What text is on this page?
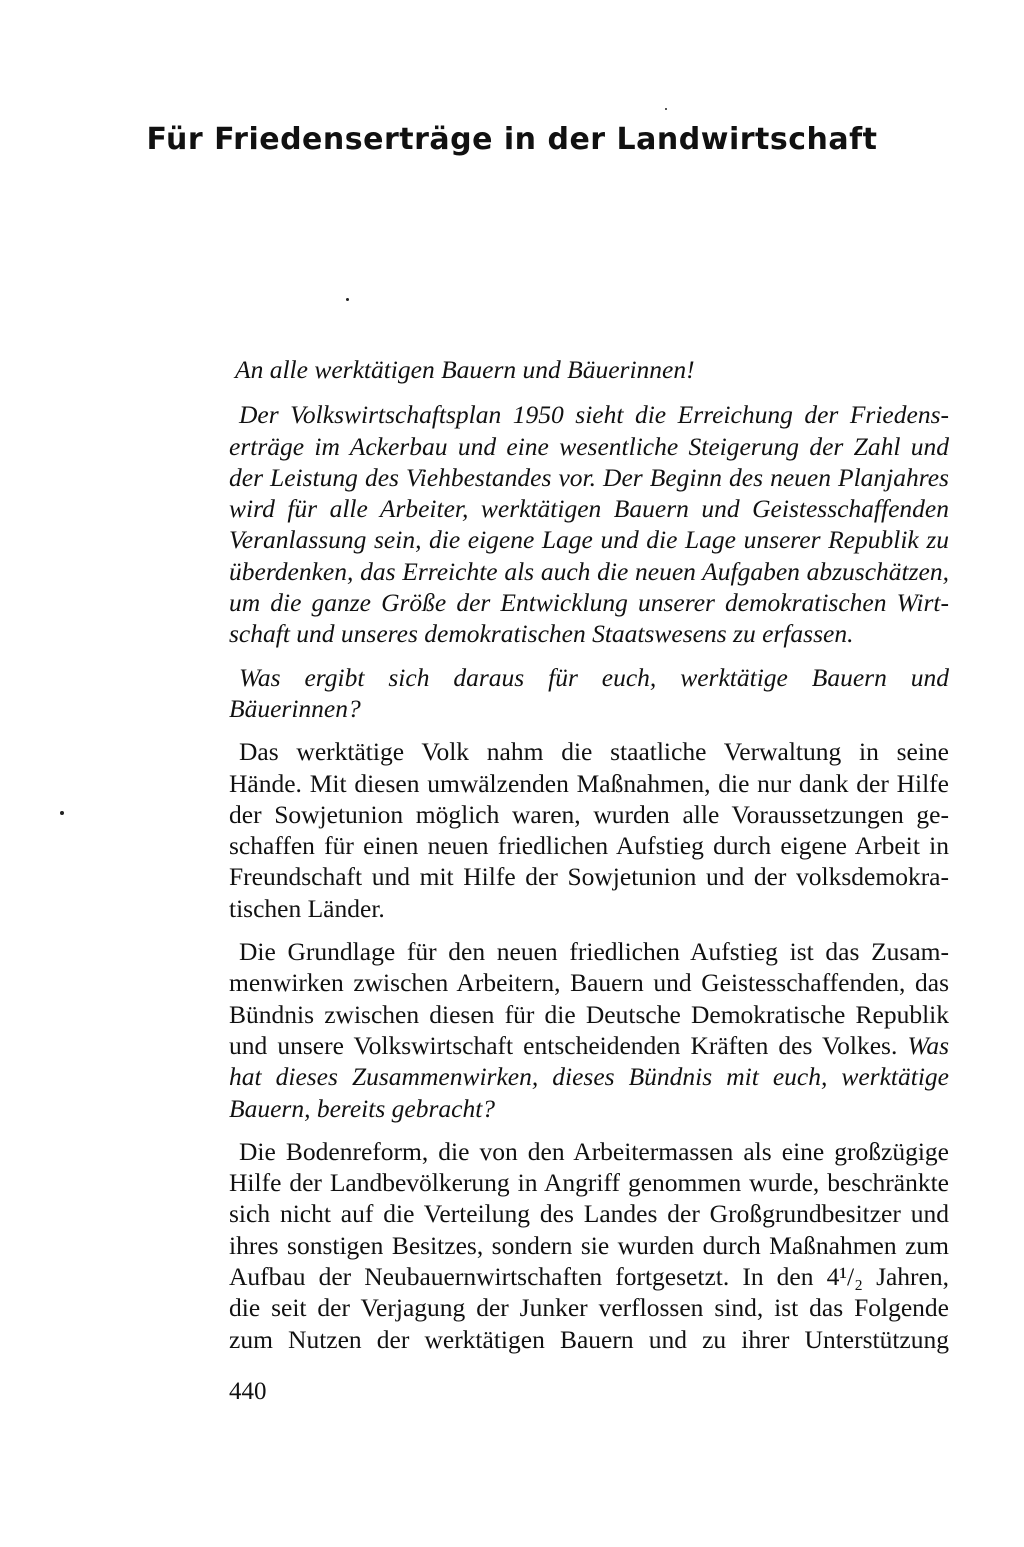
Für Friedenserträge in der Landwirtschaft

An alle werktätigen Bauern und Bäuerinnen!

Der Volkswirtschaftsplan 1950 sieht die Erreichung der Friedens-
erträge im Ackerbau und eine wesentliche Steigerung der Zahl und
der Leistung des Viehbestandes vor. Der Beginn des neuen Planjahres
wird für alle Arbeiter, werktätigen Bauern und Geistesschaffenden
Veranlassung sein, die eigene Lage und die Lage unserer Republik zu
überdenken, das Erreichte als auch die neuen Aufgaben abzuschätzen,
um die ganze Größe der Entwicklung unserer demokratischen Wirt-
schaft und unseres demokratischen Staatswesens zu erfassen.

Was ergibt sich daraus für euch, werktätige Bauern und
Bäuerinnen?

Das werktätige Volk nahm die staatliche Verwaltung in seine
Hände. Mit diesen umwälzenden Maßnahmen, die nur dank der Hilfe
der Sowjetunion möglich waren, wurden alle Voraussetzungen ge-
schaffen für einen neuen friedlichen Aufstieg durch eigene Arbeit in
Freundschaft und mit Hilfe der Sowjetunion und der volksdemokra-
tischen Länder.

Die Grundlage für den neuen friedlichen Aufstieg ist das Zusam-
menwirken zwischen Arbeitern, Bauern und Geistesschaffenden, das
Bündnis zwischen diesen für die Deutsche Demokratische Republik
und unsere Volkswirtschaft entscheidenden Kräften des Volkes. Was
hat dieses Zusammenwirken, dieses Bündnis mit euch, werktätige
Bauern, bereits gebracht?

Die Bodenreform, die von den Arbeitermassen als eine großzügige
Hilfe der Landbevölkerung in Angriff genommen wurde, beschränkte
sich nicht auf die Verteilung des Landes der Großgrundbesitzer und
ihres sonstigen Besitzes, sondern sie wurden durch Maßnahmen zum
Aufbau der Neubauernwirtschaften fortgesetzt. In den 4¹/₂ Jahren,
die seit der Verjagung der Junker verflossen sind, ist das Folgende
zum Nutzen der werktätigen Bauern und zu ihrer Unterstützung

440
